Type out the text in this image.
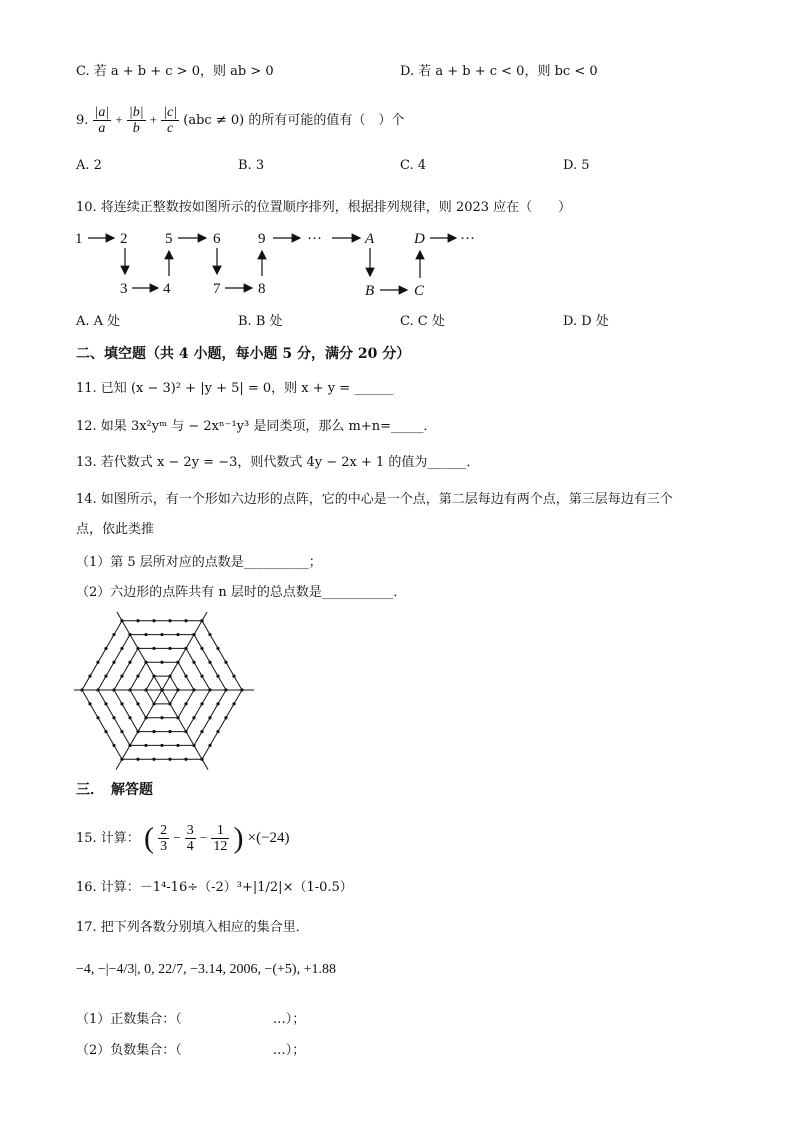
C. 若 a + b + c > 0，则 ab > 0	D. 若 a + b + c < 0，则 bc < 0
9. $\frac{|a|}{a} + \frac{|b|}{b} + \frac{|c|}{c} (abc \ne 0)$ 的所有可能的值有（　）个
A. 2	B. 3	C. 4	D. 5
10. 将连续正整数按如图所示的位置顺序排列，根据排列规律，则 2023 应在（　　）
1	2	5	6	9	···	A	D ···
3 4	7	8	B	C
A. A 处	B. B 处	C. C 处	D. D 处
二、填空题（共 4 小题，每小题 5 分，满分 20 分）
11. 已知 (x − 3)² + |y + 5| = 0，则 x + y = ______
12. 如果 3x²yᵐ 与 − 2xⁿ⁻¹y³ 是同类项，那么 m+n=_____．
13. 若代数式 x − 2y = −3，则代数式 4y − 2x + 1 的值为______．
14. 如图所示，有一个形如六边形的点阵，它的中心是一个点，第二层每边有两个点，第三层每边有三个
点，依此类推
（1）第 5 层所对应的点数是__________；
（2）六边形的点阵共有 n 层时的总点数是___________．
三．　解答题
15. 计算： ( $\frac{2}{3} - \frac{3}{4} - \frac{1}{12}$ ) ×(−24)
16. 计算：－1⁴-16÷（-2）³+|1/2|×（1-0.5）
17. 把下列各数分别填入相应的集合里．
−4, −|−4/3|, 0, 22/7, −3.14, 2006, −(+5), +1.88
（1）正数集合：（　　　　　　　…）；
（2）负数集合：（　　　　　　　…）；
